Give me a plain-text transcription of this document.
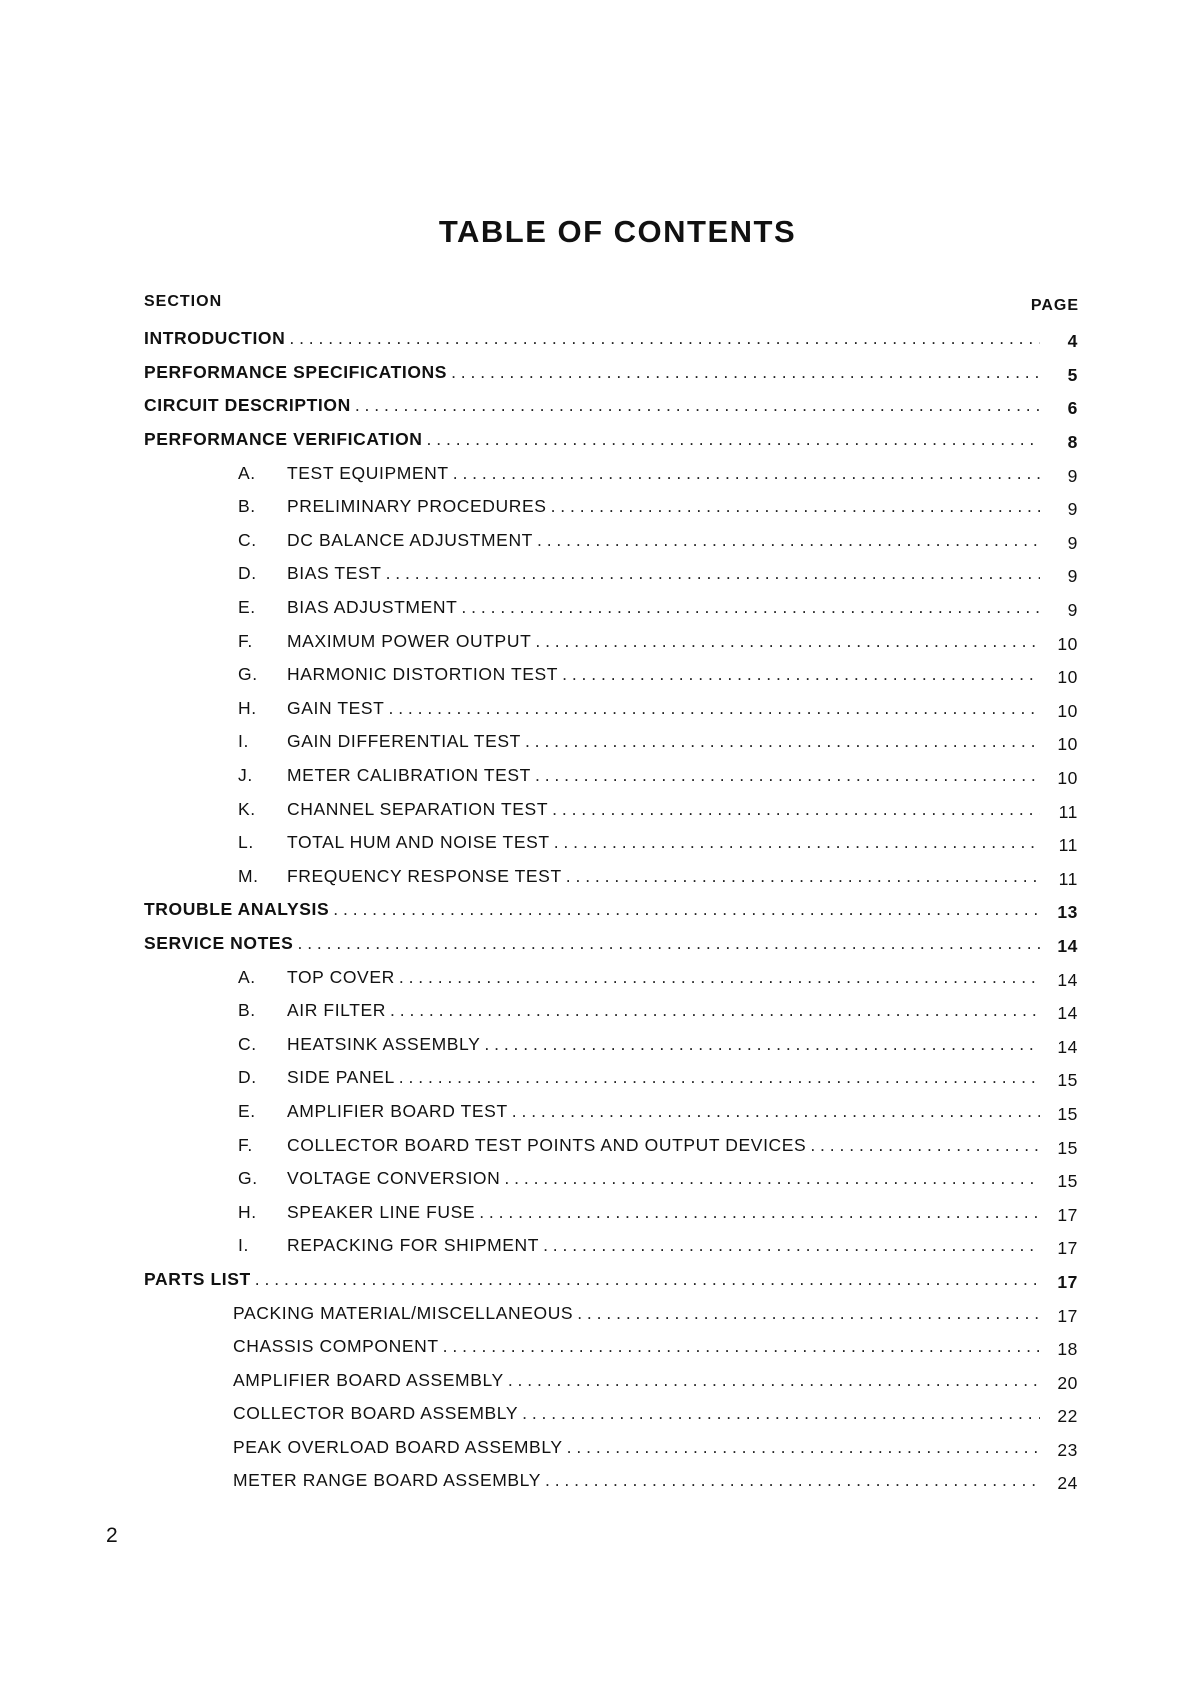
TABLE OF CONTENTS
SECTION	PAGE
INTRODUCTION . . .	4
PERFORMANCE SPECIFICATIONS . . .	5
CIRCUIT DESCRIPTION . . .	6
PERFORMANCE VERIFICATION . . .	8
A.	TEST EQUIPMENT . . .	9
B.	PRELIMINARY PROCEDURES . . .	9
C.	DC BALANCE ADJUSTMENT . . .	9
D.	BIAS TEST . . .	9
E.	BIAS ADJUSTMENT . . .	9
F.	MAXIMUM POWER OUTPUT . . .	10
G.	HARMONIC DISTORTION TEST . . .	10
H.	GAIN TEST . . .	10
I.	GAIN DIFFERENTIAL TEST . . .	10
J.	METER CALIBRATION TEST . . .	10
K.	CHANNEL SEPARATION TEST . . .	11
L.	TOTAL HUM AND NOISE TEST . . .	11
M.	FREQUENCY RESPONSE TEST . . .	11
TROUBLE ANALYSIS . . .	13
SERVICE NOTES . . .	14
A.	TOP COVER . . .	14
B.	AIR FILTER . . .	14
C.	HEATSINK ASSEMBLY . . .	14
D.	SIDE PANEL . . .	15
E.	AMPLIFIER BOARD TEST . . .	15
F.	COLLECTOR BOARD TEST POINTS AND OUTPUT DEVICES . . .	15
G.	VOLTAGE CONVERSION . . .	15
H.	SPEAKER LINE FUSE . . .	17
I.	REPACKING FOR SHIPMENT . . .	17
PARTS LIST . . .	17
PACKING MATERIAL/MISCELLANEOUS . . .	17
CHASSIS COMPONENT . . .	18
AMPLIFIER BOARD ASSEMBLY . . .	20
COLLECTOR BOARD ASSEMBLY . . .	22
PEAK OVERLOAD BOARD ASSEMBLY . . .	23
METER RANGE BOARD ASSEMBLY . . .	24
2
